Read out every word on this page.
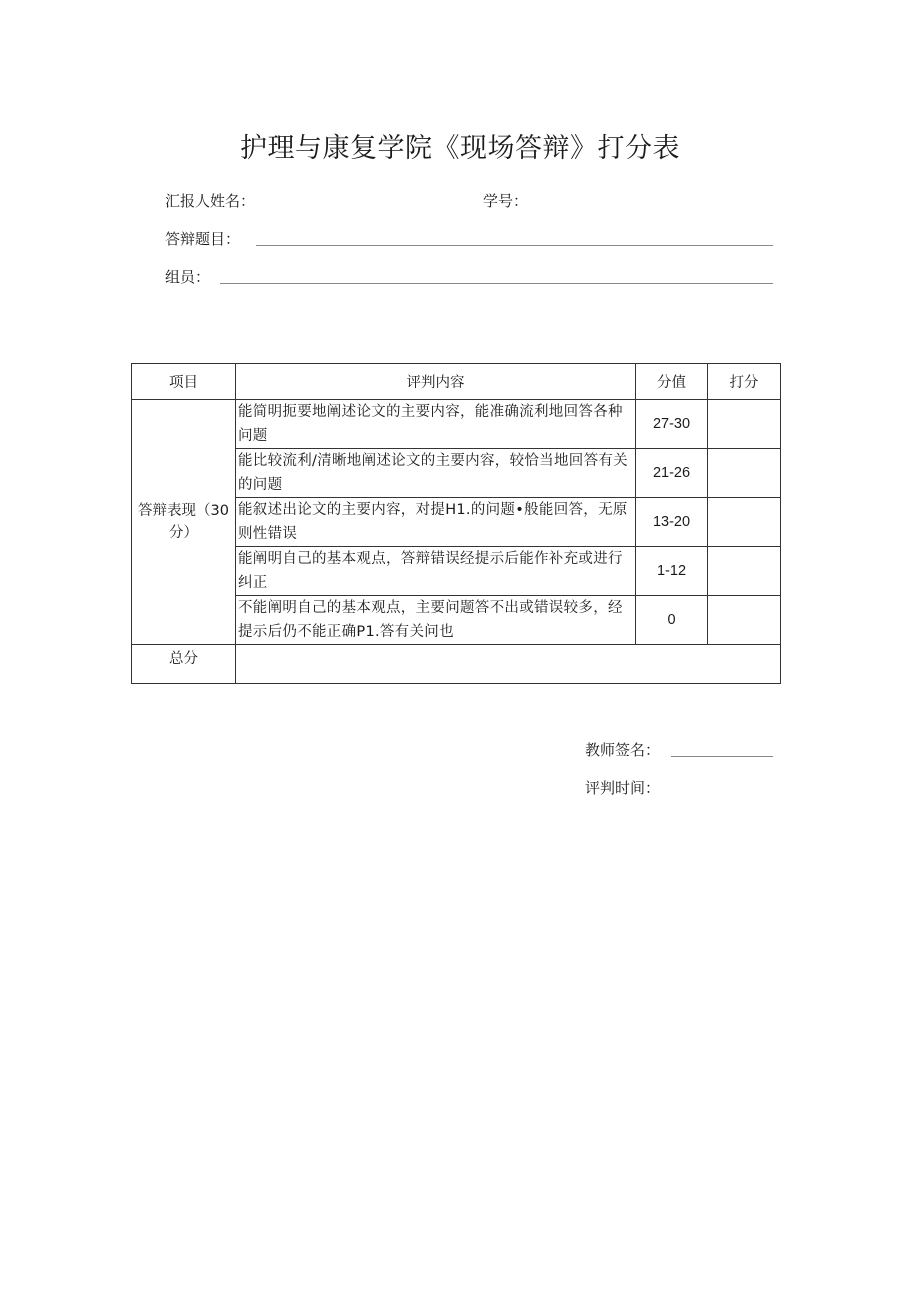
护理与康复学院《现场答辩》打分表
汇报人姓名：	学号：
答辩题目：
组员：
项目	评判内容	分值	打分
答辩表现（30分）	能简明扼要地阐述论文的主要内容，能准确流利地回答各种问题	27-30	
	能比较流利/清晰地阐述论文的主要内容，较恰当地回答有关的问题	21-26	
	能叙述出论文的主要内容，对提H1.的问题•般能回答，无原则性错误	13-20	
	能阐明自己的基本观点，答辩错误经提示后能作补充或进行纠正	1-12	
	不能阐明自己的基本观点，主要问题答不出或错误较多，经提示后仍不能正确P1.答有关问也	0	
总分			
教师签名：
评判时间：
